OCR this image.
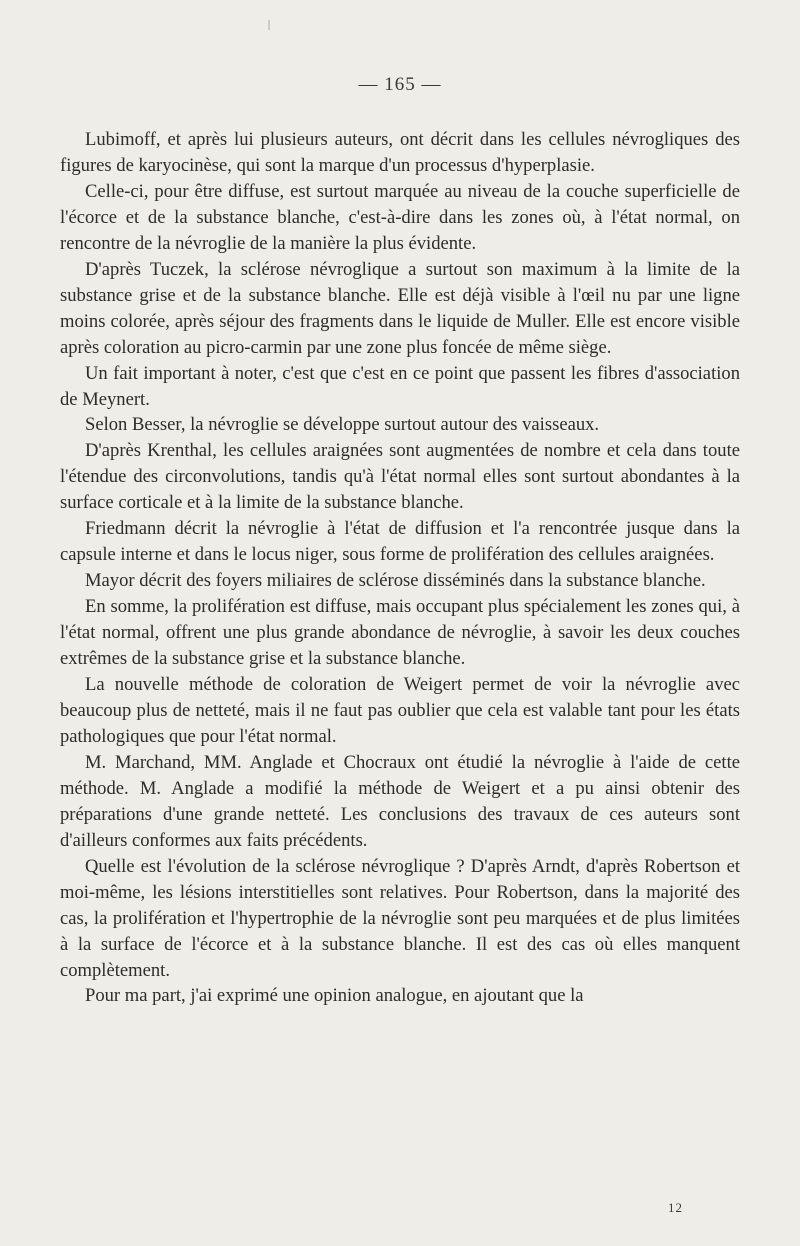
— 165 —

Lubimoff, et après lui plusieurs auteurs, ont décrit dans les cellules névrogliques des figures de karyocinèse, qui sont la marque d'un processus d'hyperplasie.

Celle-ci, pour être diffuse, est surtout marquée au niveau de la couche superficielle de l'écorce et de la substance blanche, c'est-à-dire dans les zones où, à l'état normal, on rencontre de la névroglie de la manière la plus évidente.

D'après Tuczek, la sclérose névroglique a surtout son maximum à la limite de la substance grise et de la substance blanche. Elle est déjà visible à l'œil nu par une ligne moins colorée, après séjour des fragments dans le liquide de Muller. Elle est encore visible après coloration au picro-carmin par une zone plus foncée de même siège.

Un fait important à noter, c'est que c'est en ce point que passent les fibres d'association de Meynert.

Selon Besser, la névroglie se développe surtout autour des vaisseaux.

D'après Krenthal, les cellules araignées sont augmentées de nombre et cela dans toute l'étendue des circonvolutions, tandis qu'à l'état normal elles sont surtout abondantes à la surface corticale et à la limite de la substance blanche.

Friedmann décrit la névroglie à l'état de diffusion et l'a rencontrée jusque dans la capsule interne et dans le locus niger, sous forme de prolifération des cellules araignées.

Mayor décrit des foyers miliaires de sclérose disséminés dans la substance blanche.

En somme, la prolifération est diffuse, mais occupant plus spécialement les zones qui, à l'état normal, offrent une plus grande abondance de névroglie, à savoir les deux couches extrêmes de la substance grise et la substance blanche.

La nouvelle méthode de coloration de Weigert permet de voir la névroglie avec beaucoup plus de netteté, mais il ne faut pas oublier que cela est valable tant pour les états pathologiques que pour l'état normal.

M. Marchand, MM. Anglade et Chocraux ont étudié la névroglie à l'aide de cette méthode. M. Anglade a modifié la méthode de Weigert et a pu ainsi obtenir des préparations d'une grande netteté. Les conclusions des travaux de ces auteurs sont d'ailleurs conformes aux faits précédents.

Quelle est l'évolution de la sclérose névroglique ? D'après Arndt, d'après Robertson et moi-même, les lésions interstitielles sont relatives. Pour Robertson, dans la majorité des cas, la prolifération et l'hypertrophie de la névroglie sont peu marquées et de plus limitées à la surface de l'écorce et à la substance blanche. Il est des cas où elles manquent complètement.

Pour ma part, j'ai exprimé une opinion analogue, en ajoutant que la

12
